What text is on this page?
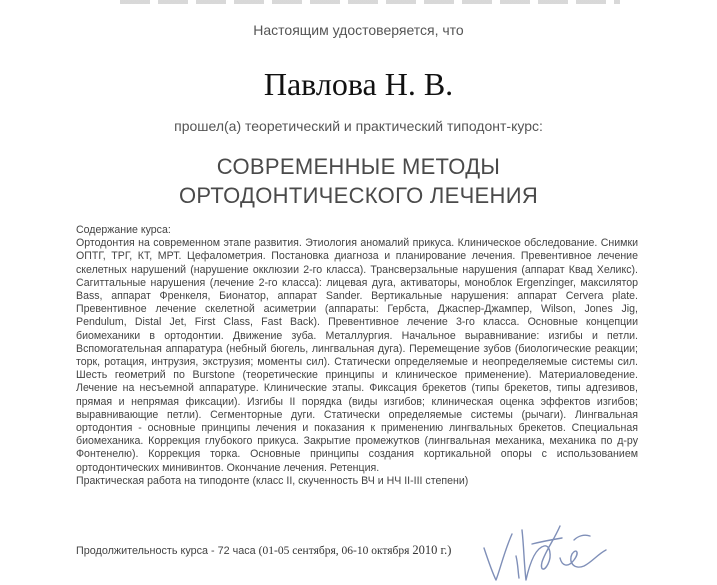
Настоящим удостоверяется, что
Павлова Н. В.
прошел(а) теоретический и практический типодонт-курс:
СОВРЕМЕННЫЕ МЕТОДЫ
ОРТОДОНТИЧЕСКОГО ЛЕЧЕНИЯ

Содержание курса:

Ортодонтия на современном этапе развития. Этиология аномалий прикуса. Клиническое обследование. Снимки ОПТГ, ТРГ, КТ, МРТ. Цефалометрия. Постановка диагноза и планирование лечения. Превентивное лечение скелетных нарушений (нарушение окклюзии 2-го класса). Трансверзальные нарушения (аппарат Квад Хеликс). Сагиттальные нарушения (лечение 2-го класса): лицевая дуга, активаторы, моноблок Ergenzinger, максилятор Bass, аппарат Френкеля, Бионатор, аппарат Sander. Вертикальные нарушения: аппарат Cervera plate. Превентивное лечение скелетной асиметрии (аппараты: Гербста, Джаспер-Джампер, Wilson, Jones Jig, Pendulum, Distal Jet, First Class, Fast Back). Превентивное лечение 3-го класса. Основные концепции биомеханики в ортодонтии. Движение зуба. Металлургия. Начальное выравнивание: изгибы и петли. Вспомогательная аппаратура (небный бюгель, лингвальная дуга). Перемещение зубов (биологические реакции; торк, ротация, интрузия, экструзия; моменты сил). Статически определяемые и неопределяемые системы сил. Шесть геометрий по Burstone (теоретические принципы и клиническое применение). Материаловедение. Лечение на несъемной аппаратуре. Клинические этапы. Фиксация брекетов (типы брекетов, типы адгезивов, прямая и непрямая фиксации). Изгибы II порядка (виды изгибов; клиническая оценка эффектов изгибов; выравнивающие петли). Сегменторные дуги. Статически определяемые системы (рычаги). Лингвальная ортодонтия - основные принципы лечения и показания к применению лингвальных брекетов. Специальная биомеханика. Коррекция глубокого прикуса. Закрытие промежутков (лингвальная механика, механика по д-ру Фонтенелю). Коррекция торка. Основные принципы создания кортикальной опоры с использованием ортодонтических минивинтов. Окончание лечения. Ретенция.

Практическая работа на типодонте (класс II, скученность ВЧ и НЧ II-III степени)

Продолжительность курса - 72 часа (01-05 сентября, 06-10 октября 2010 г.)
